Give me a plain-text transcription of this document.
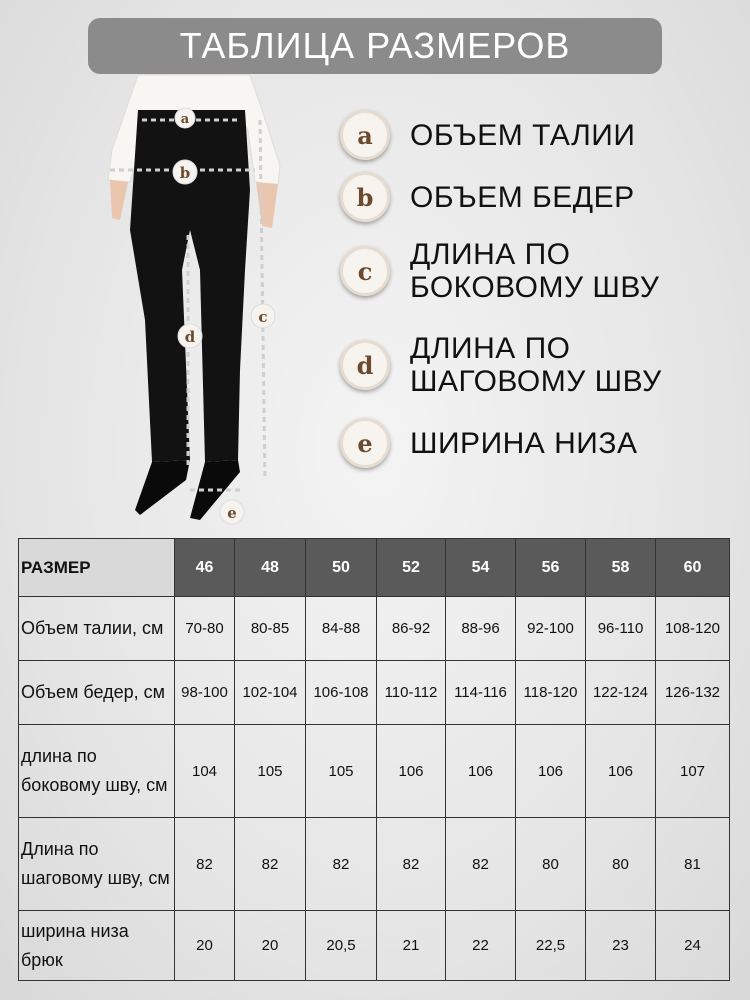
ТАБЛИЦА РАЗМЕРОВ
a
b
c
d
e
a	ОБЪЕМ ТАЛИИ
b	ОБЪЕМ БЕДЕР
c	ДЛИНА ПО БОКОВОМУ ШВУ
d	ДЛИНА ПО ШАГОВОМУ ШВУ
e	ШИРИНА НИЗА
РАЗМЕР	46	48	50	52	54	56	58	60
Объем талии, см	70-80	80-85	84-88	86-92	88-96	92-100	96-110	108-120
Объем бедер, см	98-100	102-104	106-108	110-112	114-116	118-120	122-124	126-132
длина по боковому шву, см	104	105	105	106	106	106	106	107
Длина по шаговому шву, см	82	82	82	82	82	80	80	81
ширина низа брюк	20	20	20,5	21	22	22,5	23	24
